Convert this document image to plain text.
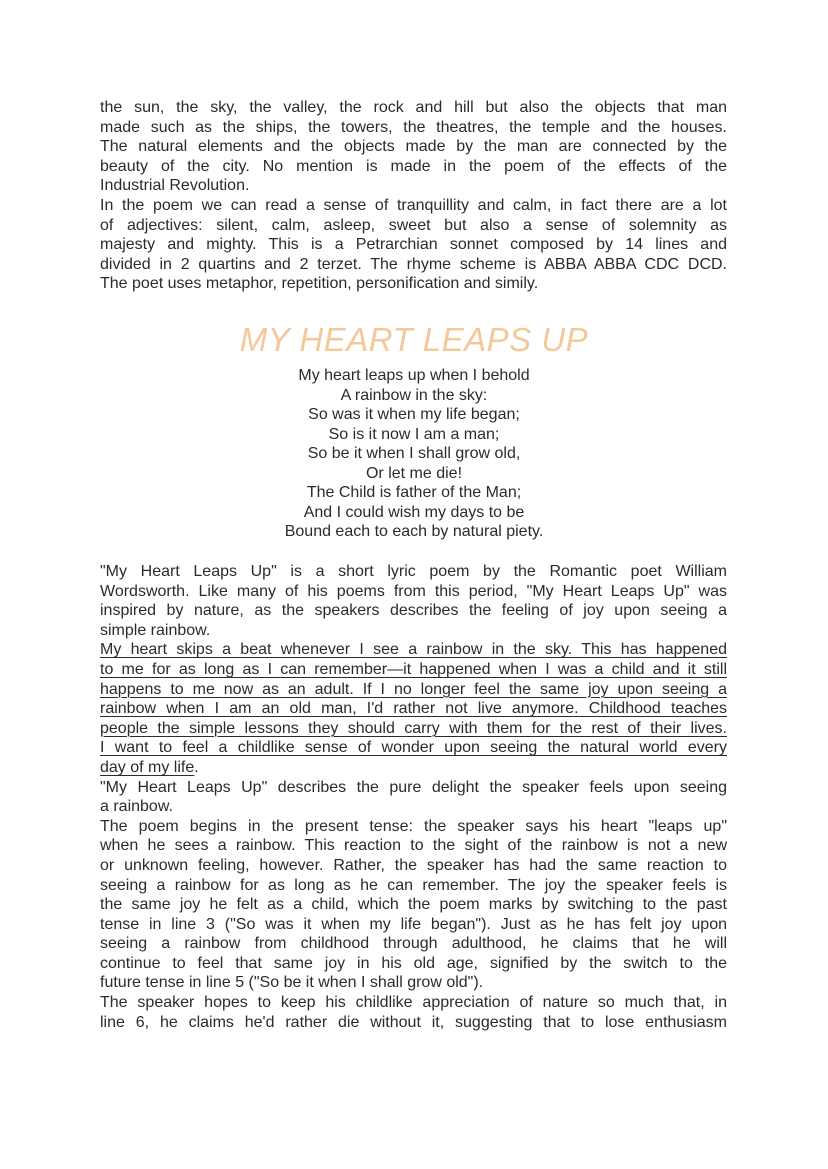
the sun, the sky, the valley, the rock and hill but also the objects that man
made such as the ships, the towers, the theatres, the temple and the houses.
The natural elements and the objects made by the man are connected by the
beauty of the city. No mention is made in the poem of the effects of the
Industrial Revolution.
In the poem we can read a sense of tranquillity and calm, in fact there are a lot
of adjectives: silent, calm, asleep, sweet but also a sense of solemnity as
majesty and mighty. This is a Petrarchian sonnet composed by 14 lines and
divided in 2 quartins and 2 terzet. The rhyme scheme is ABBA ABBA CDC DCD.
The poet uses metaphor, repetition, personification and simily.
MY HEART LEAPS UP
My heart leaps up when I behold
A rainbow in the sky:
So was it when my life began;
So is it now I am a man;
So be it when I shall grow old,
Or let me die!
The Child is father of the Man;
And I could wish my days to be
Bound each to each by natural piety.
"My Heart Leaps Up" is a short lyric poem by the Romantic poet William
Wordsworth. Like many of his poems from this period, "My Heart Leaps Up" was
inspired by nature, as the speakers describes the feeling of joy upon seeing a
simple rainbow.
My heart skips a beat whenever I see a rainbow in the sky. This has happened
to me for as long as I can remember—it happened when I was a child and it still
happens to me now as an adult. If I no longer feel the same joy upon seeing a
rainbow when I am an old man, I'd rather not live anymore. Childhood teaches
people the simple lessons they should carry with them for the rest of their lives.
I want to feel a childlike sense of wonder upon seeing the natural world every
day of my life.
"My Heart Leaps Up" describes the pure delight the speaker feels upon seeing
a rainbow.
The poem begins in the present tense: the speaker says his heart "leaps up"
when he sees a rainbow. This reaction to the sight of the rainbow is not a new
or unknown feeling, however. Rather, the speaker has had the same reaction to
seeing a rainbow for as long as he can remember. The joy the speaker feels is
the same joy he felt as a child, which the poem marks by switching to the past
tense in line 3 ("So was it when my life began"). Just as he has felt joy upon
seeing a rainbow from childhood through adulthood, he claims that he will
continue to feel that same joy in his old age, signified by the switch to the
future tense in line 5 ("So be it when I shall grow old").
The speaker hopes to keep his childlike appreciation of nature so much that, in
line 6, he claims he'd rather die without it, suggesting that to lose enthusiasm
